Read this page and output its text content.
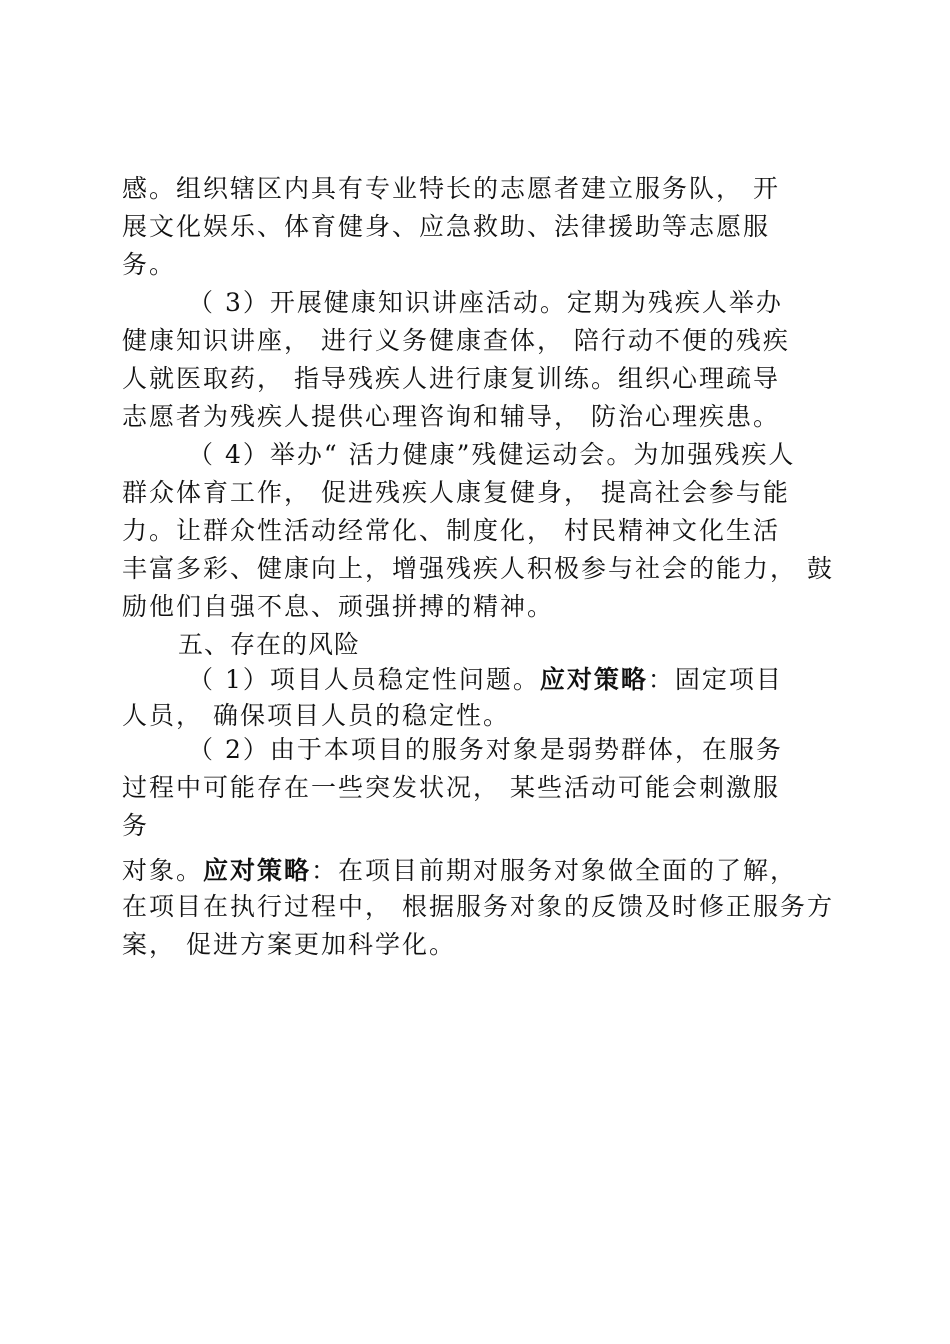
感。组织辖区内具有专业特长的志愿者建立服务队， 开
展文化娱乐、体育健身、应急救助、法律援助等志愿服
务。
（ 3）开展健康知识讲座活动。定期为残疾人举办
健康知识讲座， 进行义务健康查体， 陪行动不便的残疾
人就医取药， 指导残疾人进行康复训练。组织心理疏导
志愿者为残疾人提供心理咨询和辅导， 防治心理疾患。
（ 4）举办“ 活力健康”残健运动会。为加强残疾人
群众体育工作， 促进残疾人康复健身， 提高社会参与能
力。让群众性活动经常化、制度化， 村民精神文化生活
丰富多彩、健康向上，增强残疾人积极参与社会的能力， 鼓
励他们自强不息、顽强拼搏的精神。
五、存在的风险
（ 1）项目人员稳定性问题。应对策略：固定项目
人员， 确保项目人员的稳定性。
（ 2）由于本项目的服务对象是弱势群体，在服务
过程中可能存在一些突发状况， 某些活动可能会刺激服
务
对象。应对策略：在项目前期对服务对象做全面的了解，
在项目在执行过程中， 根据服务对象的反馈及时修正服务方
案， 促进方案更加科学化。
